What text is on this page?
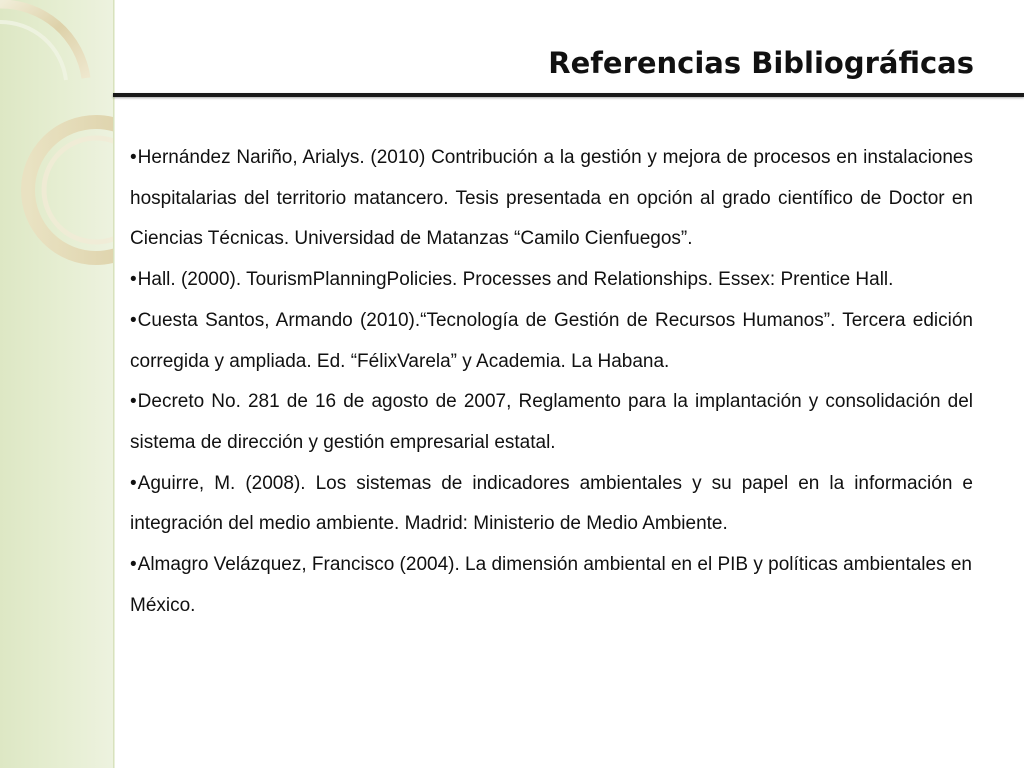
Referencias Bibliográficas
•Hernández Nariño, Arialys. (2010) Contribución a la gestión y mejora de procesos en instalaciones hospitalarias del territorio matancero. Tesis presentada en opción al grado científico de Doctor en Ciencias Técnicas. Universidad de Matanzas “Camilo Cienfuegos”.
•Hall. (2000). TourismPlanningPolicies. Processes and Relationships. Essex: Prentice Hall.
•Cuesta Santos, Armando (2010).“Tecnología de Gestión de Recursos Humanos”. Tercera edición corregida y ampliada. Ed. “FélixVarela” y Academia. La Habana.
•Decreto No. 281 de 16 de agosto de 2007, Reglamento para la implantación y consolidación del sistema de dirección y gestión empresarial estatal.
•Aguirre, M. (2008). Los sistemas de indicadores ambientales y su papel en la información e integración del medio ambiente. Madrid: Ministerio de Medio Ambiente.
•Almagro Velázquez, Francisco (2004). La dimensión ambiental en el PIB y políticas ambientales en México.
